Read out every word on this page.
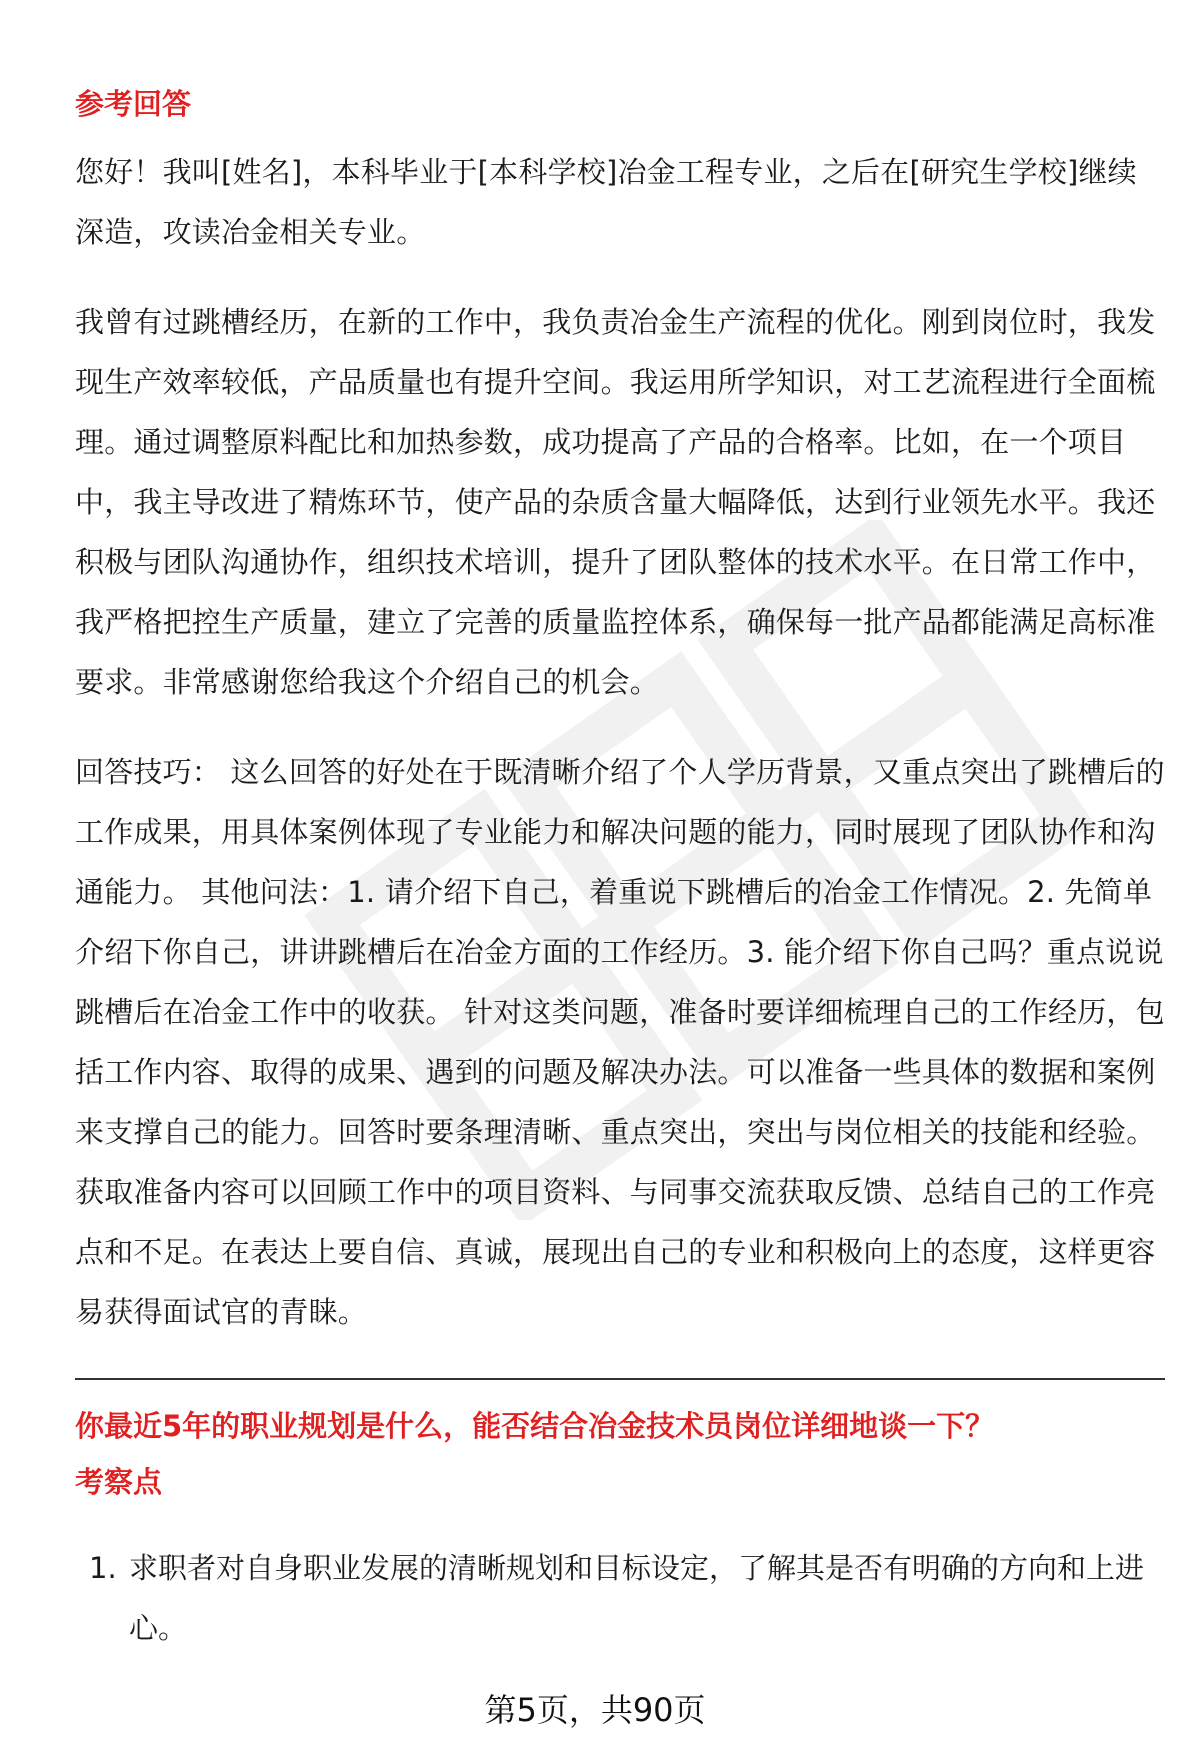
参考回答

您好！我叫[姓名]，本科毕业于[本科学校]冶金工程专业，之后在[研究生学校]继续深造，攻读冶金相关专业。

我曾有过跳槽经历，在新的工作中，我负责冶金生产流程的优化。刚到岗位时，我发现生产效率较低，产品质量也有提升空间。我运用所学知识，对工艺流程进行全面梳理。通过调整原料配比和加热参数，成功提高了产品的合格率。比如，在一个项目中，我主导改进了精炼环节，使产品的杂质含量大幅降低，达到行业领先水平。我还积极与团队沟通协作，组织技术培训，提升了团队整体的技术水平。在日常工作中，我严格把控生产质量，建立了完善的质量监控体系，确保每一批产品都能满足高标准要求。非常感谢您给我这个介绍自己的机会。

回答技巧： 这么回答的好处在于既清晰介绍了个人学历背景，又重点突出了跳槽后的工作成果，用具体案例体现了专业能力和解决问题的能力，同时展现了团队协作和沟通能力。 其他问法：1. 请介绍下自己，着重说下跳槽后的冶金工作情况。2. 先简单介绍下你自己，讲讲跳槽后在冶金方面的工作经历。3. 能介绍下你自己吗？重点说说跳槽后在冶金工作中的收获。 针对这类问题，准备时要详细梳理自己的工作经历，包括工作内容、取得的成果、遇到的问题及解决办法。可以准备一些具体的数据和案例来支撑自己的能力。回答时要条理清晰、重点突出，突出与岗位相关的技能和经验。获取准备内容可以回顾工作中的项目资料、与同事交流获取反馈、总结自己的工作亮点和不足。在表达上要自信、真诚，展现出自己的专业和积极向上的态度，这样更容易获得面试官的青睐。

你最近5年的职业规划是什么，能否结合冶金技术员岗位详细地谈一下？
考察点
1. 求职者对自身职业发展的清晰规划和目标设定，了解其是否有明确的方向和上进心。
第5页，共90页
